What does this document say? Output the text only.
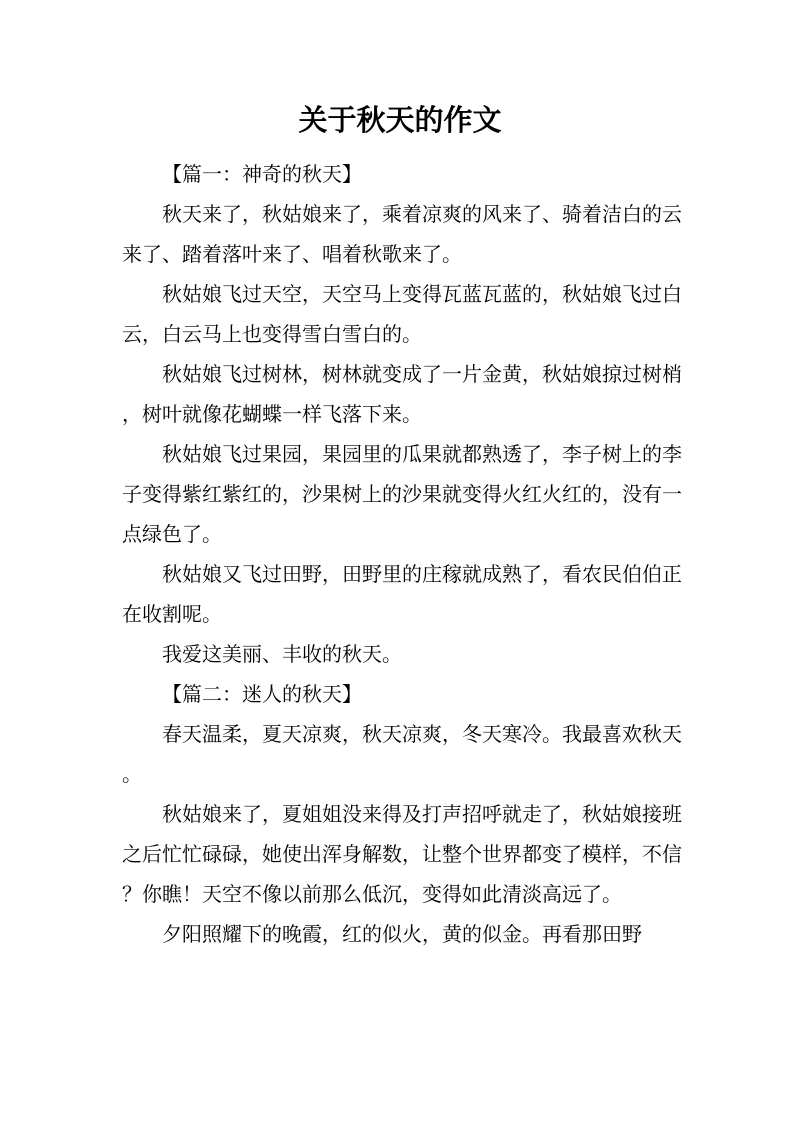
关于秋天的作文

【篇一：神奇的秋天】

秋天来了，秋姑娘来了，乘着凉爽的风来了、骑着洁白的云来了、踏着落叶来了、唱着秋歌来了。

秋姑娘飞过天空，天空马上变得瓦蓝瓦蓝的，秋姑娘飞过白云，白云马上也变得雪白雪白的。

秋姑娘飞过树林，树林就变成了一片金黄，秋姑娘掠过树梢，树叶就像花蝴蝶一样飞落下来。

秋姑娘飞过果园，果园里的瓜果就都熟透了，李子树上的李子变得紫红紫红的，沙果树上的沙果就变得火红火红的，没有一点绿色了。

秋姑娘又飞过田野，田野里的庄稼就成熟了，看农民伯伯正在收割呢。

我爱这美丽、丰收的秋天。

【篇二：迷人的秋天】

春天温柔，夏天凉爽，秋天凉爽，冬天寒冷。我最喜欢秋天。

秋姑娘来了，夏姐姐没来得及打声招呼就走了，秋姑娘接班之后忙忙碌碌，她使出浑身解数，让整个世界都变了模样，不信？你瞧！天空不像以前那么低沉，变得如此清淡高远了。

夕阳照耀下的晚霞，红的似火，黄的似金。再看那田野
